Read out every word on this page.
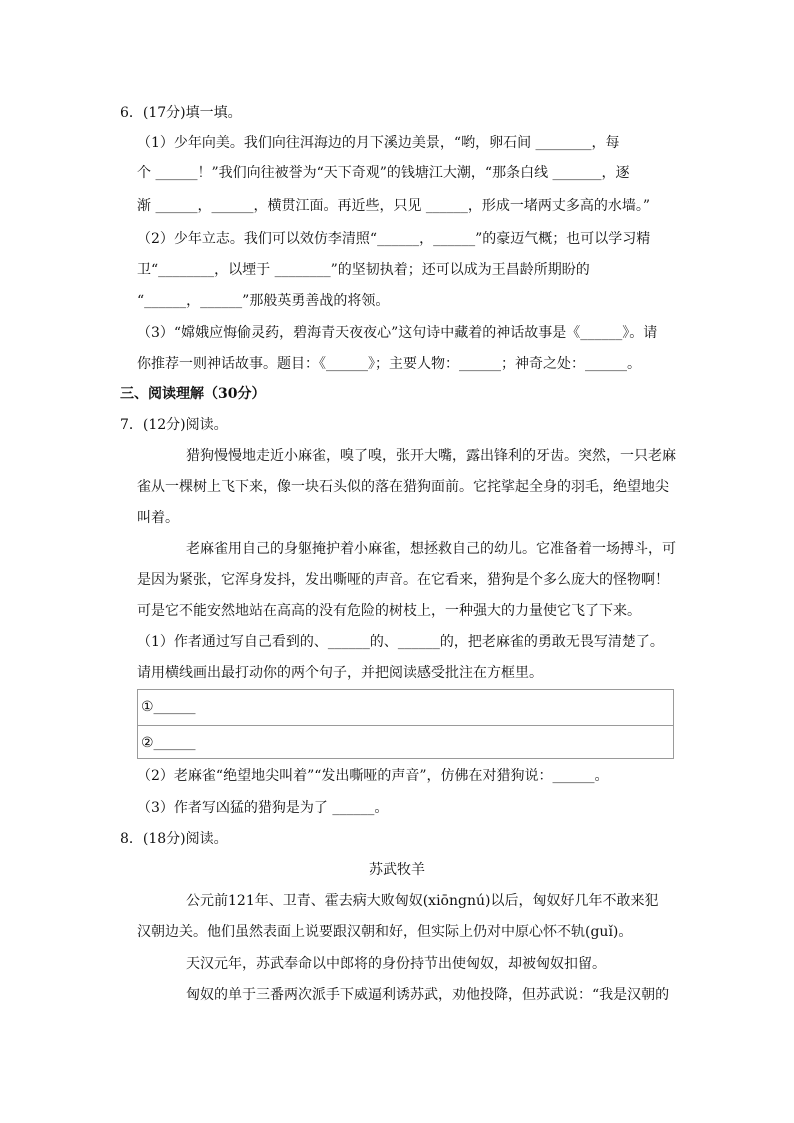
6．(17分)填一填。
（1）少年向美。我们向往洱海边的月下溪边美景，“哟，卵石间 ________，每
个 ______！”我们向往被誉为“天下奇观”的钱塘江大潮，“那条白线 _______，逐
渐 ______，______，横贯江面。再近些，只见 ______，形成一堵两丈多高的水墙。”
（2）少年立志。我们可以效仿李清照“______，______”的豪迈气概；也可以学习精
卫“________，以堙于 ________”的坚韧执着；还可以成为王昌龄所期盼的
“______，______”那般英勇善战的将领。
（3）“嫦娥应悔偷灵药，碧海青天夜夜心”这句诗中藏着的神话故事是《______》。请
你推荐一则神话故事。题目：《______》；主要人物：______；神奇之处：______。
三、阅读理解（30分）
7．(12分)阅读。
猎狗慢慢地走近小麻雀，嗅了嗅，张开大嘴，露出锋利的牙齿。突然，一只老麻
雀从一棵树上飞下来，像一块石头似的落在猎狗面前。它挓挲起全身的羽毛，绝望地尖
叫着。
老麻雀用自己的身躯掩护着小麻雀，想拯救自己的幼儿。它准备着一场搏斗，可
是因为紧张，它浑身发抖，发出嘶哑的声音。在它看来，猎狗是个多么庞大的怪物啊！
可是它不能安然地站在高高的没有危险的树枝上，一种强大的力量使它飞了下来。
（1）作者通过写自己看到的、______的、______的，把老麻雀的勇敢无畏写清楚了。
请用横线画出最打动你的两个句子，并把阅读感受批注在方框里。
①______
②______
（2）老麻雀“绝望地尖叫着”“发出嘶哑的声音”，仿佛在对猎狗说：______。
（3）作者写凶猛的猎狗是为了 ______。
8．(18分)阅读。
苏武牧羊
公元前121年、卫青、霍去病大败匈奴(xiōngnú)以后，匈奴好几年不敢来犯
汉朝边关。他们虽然表面上说要跟汉朝和好，但实际上仍对中原心怀不轨(guǐ)。
天汉元年，苏武奉命以中郎将的身份持节出使匈奴，却被匈奴扣留。
匈奴的单于三番两次派手下威逼利诱苏武，劝他投降，但苏武说：“我是汉朝的
